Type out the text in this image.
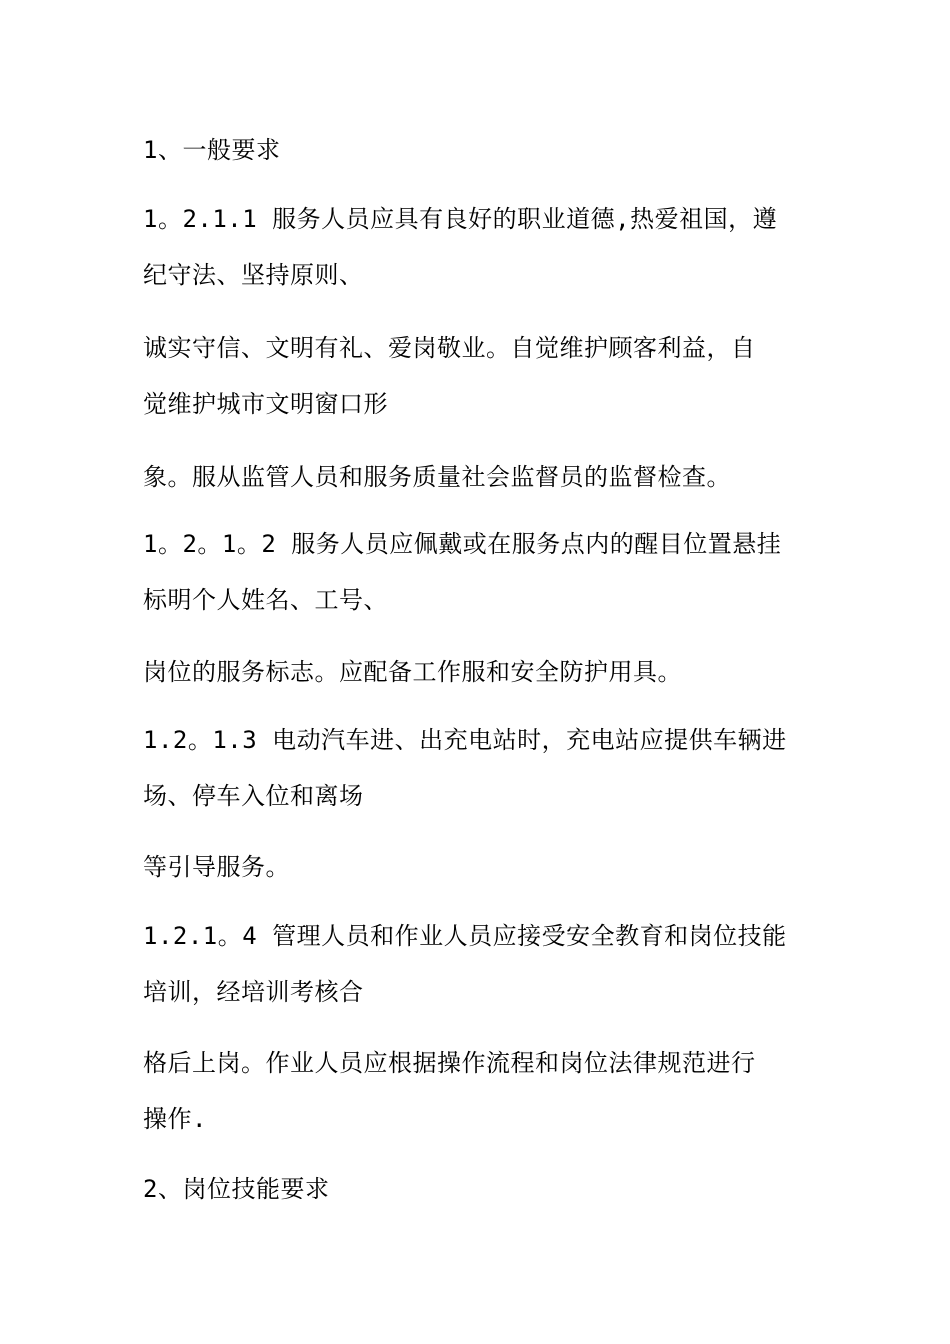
1、一般要求
1。2.1.1 服务人员应具有良好的职业道德,热爱祖国，遵
纪守法、坚持原则、
诚实守信、文明有礼、爱岗敬业。自觉维护顾客利益，自
觉维护城市文明窗口形
象。服从监管人员和服务质量社会监督员的监督检查。
1。2。1。2 服务人员应佩戴或在服务点内的醒目位置悬挂
标明个人姓名、工号、
岗位的服务标志。应配备工作服和安全防护用具。
1.2。1.3 电动汽车进、出充电站时，充电站应提供车辆进
场、停车入位和离场
等引导服务。
1.2.1。4 管理人员和作业人员应接受安全教育和岗位技能
培训，经培训考核合
格后上岗。作业人员应根据操作流程和岗位法律规范进行
操作.
2、岗位技能要求
